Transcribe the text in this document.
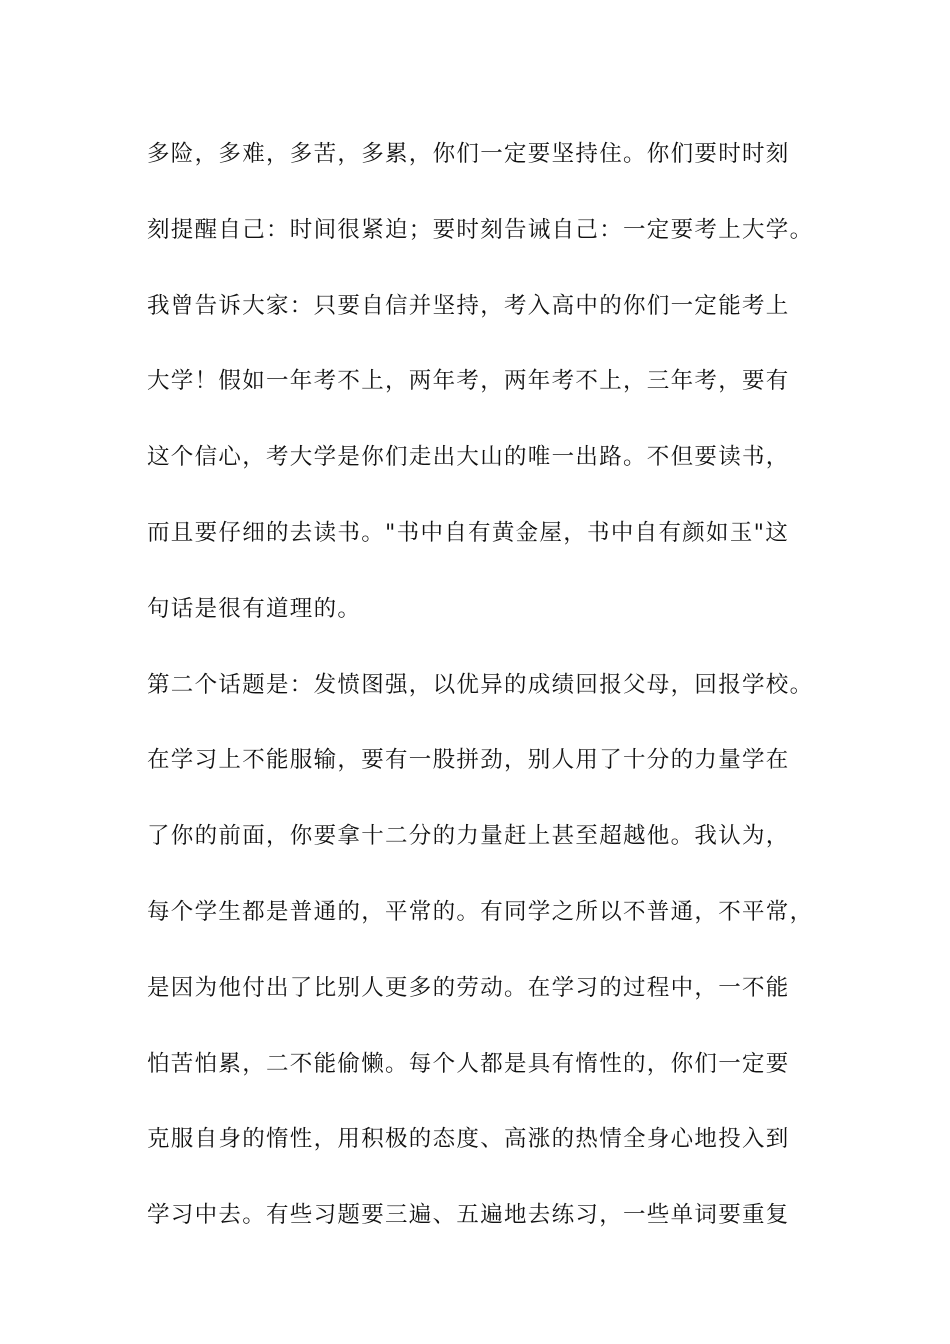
多险，多难，多苦，多累，你们一定要坚持住。你们要时时刻
刻提醒自己：时间很紧迫；要时刻告诫自己：一定要考上大学。
我曾告诉大家：只要自信并坚持，考入高中的你们一定能考上
大学！假如一年考不上，两年考，两年考不上，三年考，要有
这个信心，考大学是你们走出大山的唯一出路。不但要读书，
而且要仔细的去读书。"书中自有黄金屋，书中自有颜如玉"这
句话是很有道理的。
第二个话题是：发愤图强，以优异的成绩回报父母，回报学校。
在学习上不能服输，要有一股拼劲，别人用了十分的力量学在
了你的前面，你要拿十二分的力量赶上甚至超越他。我认为，
每个学生都是普通的，平常的。有同学之所以不普通，不平常，
是因为他付出了比别人更多的劳动。在学习的过程中，一不能
怕苦怕累，二不能偷懒。每个人都是具有惰性的，你们一定要
克服自身的惰性，用积极的态度、高涨的热情全身心地投入到
学习中去。有些习题要三遍、五遍地去练习，一些单词要重复
